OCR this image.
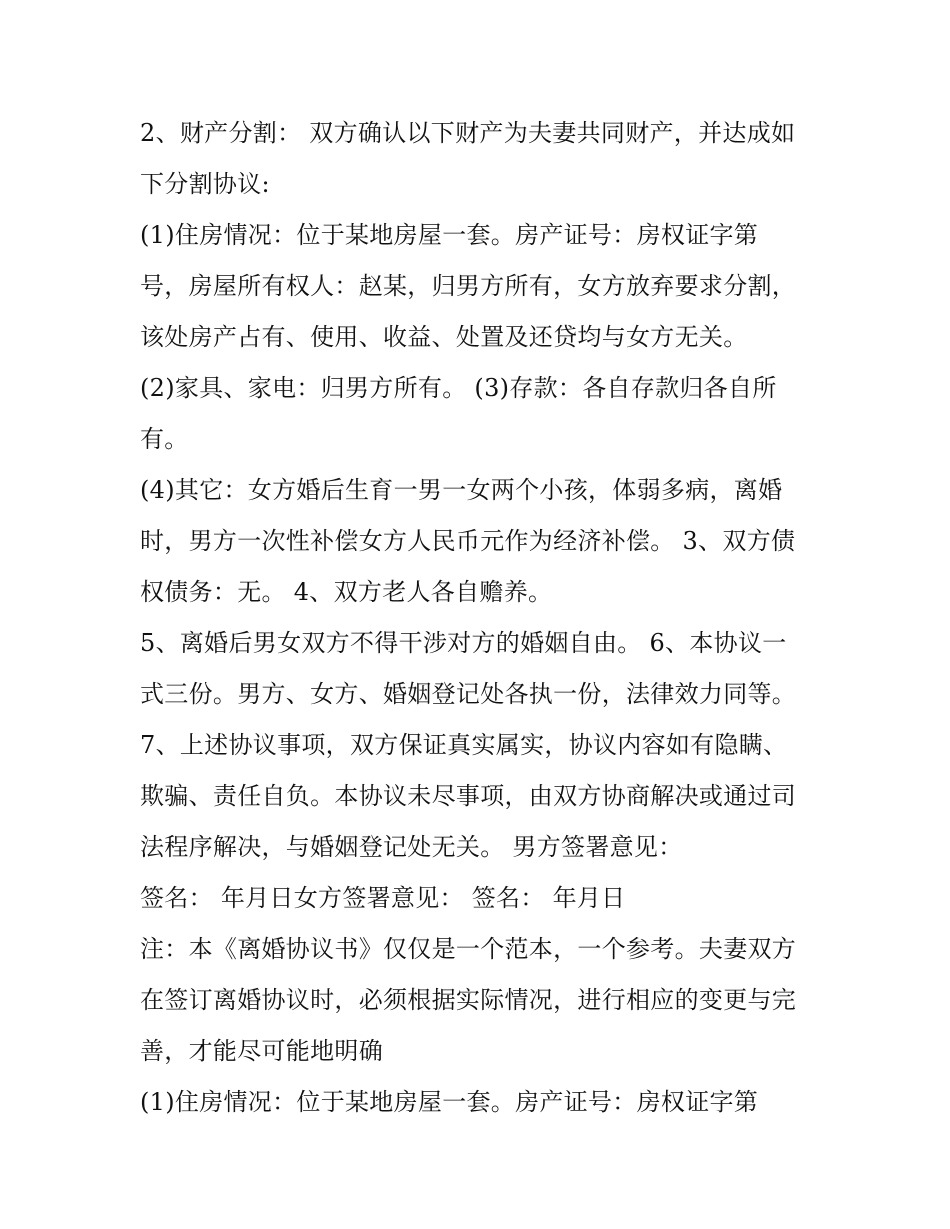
2、财产分割： 双方确认以下财产为夫妻共同财产，并达成如
下分割协议:
(1)住房情况：位于某地房屋一套。房产证号：房权证字第
号，房屋所有权人：赵某，归男方所有，女方放弃要求分割，
该处房产占有、使用、收益、处置及还贷均与女方无关。
(2)家具、家电：归男方所有。 (3)存款：各自存款归各自所
有。
(4)其它：女方婚后生育一男一女两个小孩，体弱多病，离婚
时，男方一次性补偿女方人民币元作为经济补偿。 3、双方债
权债务：无。 4、双方老人各自赡养。
5、离婚后男女双方不得干涉对方的婚姻自由。 6、本协议一
式三份。男方、女方、婚姻登记处各执一份，法律效力同等。
7、上述协议事项，双方保证真实属实，协议内容如有隐瞒、
欺骗、责任自负。本协议未尽事项，由双方协商解决或通过司
法程序解决，与婚姻登记处无关。 男方签署意见：
签名： 年月日女方签署意见： 签名： 年月日
注：本《离婚协议书》仅仅是一个范本，一个参考。夫妻双方
在签订离婚协议时，必须根据实际情况，进行相应的变更与完
善，才能尽可能地明确
(1)住房情况：位于某地房屋一套。房产证号：房权证字第
